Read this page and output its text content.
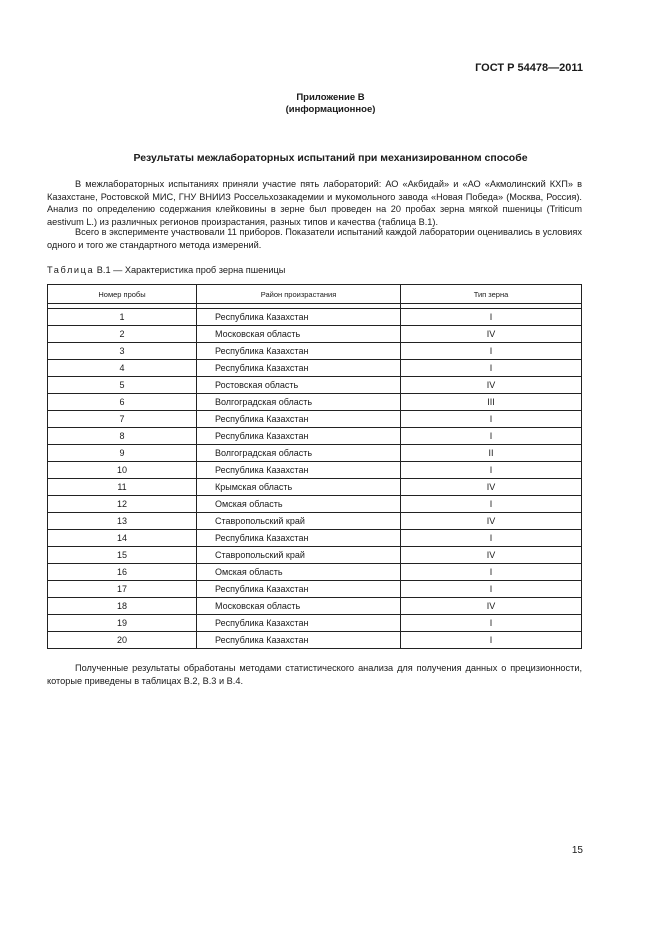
ГОСТ Р 54478—2011
Приложение В
(информационное)
Результаты межлабораторных испытаний при механизированном способе
В межлабораторных испытаниях приняли участие пять лабораторий: АО «Акбидай» и «АО «Акмолинский КХП» в Казахстане, Ростовской МИС, ГНУ ВНИИЗ Россельхозакадемии и мукомольного завода «Новая Победа» (Москва, Россия). Анализ по определению содержания клейковины в зерне был проведен на 20 пробах зерна мягкой пшеницы (Triticum aestivum L.) из различных регионов произрастания, разных типов и качества (таблица В.1).
Всего в эксперименте участвовали 11 приборов. Показатели испытаний каждой лаборатории оценивались в условиях одного и того же стандартного метода измерений.
Таблица В.1 — Характеристика проб зерна пшеницы
Номер пробы	Район произрастания	Тип зерна

1	Республика Казахстан	I
2	Московская область	IV
3	Республика Казахстан	I
4	Республика Казахстан	I
5	Ростовская область	IV
6	Волгоградская область	III
7	Республика Казахстан	I
8	Республика Казахстан	I
9	Волгоградская область	II
10	Республика Казахстан	I
11	Крымская область	IV
12	Омская область	I
13	Ставропольский край	IV
14	Республика Казахстан	I
15	Ставропольский край	IV
16	Омская область	I
17	Республика Казахстан	I
18	Московская область	IV
19	Республика Казахстан	I
20	Республика Казахстан	I
Полученные результаты обработаны методами статистического анализа для получения данных о прецизионности, которые приведены в таблицах В.2, В.3 и В.4.
15
